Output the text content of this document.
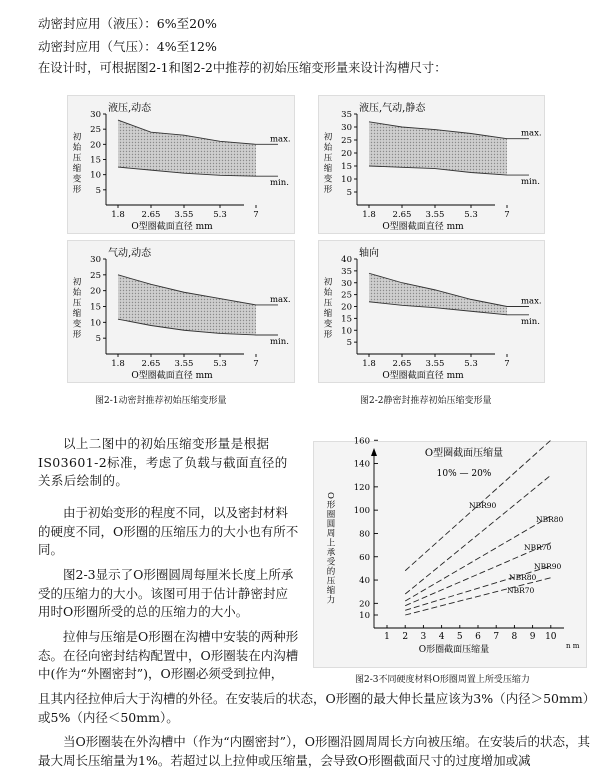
动密封应用（液压）：6%至20%
动密封应用（气压）：4%至12%
在设计时，可根据图2-1和图2-2中推荐的初始压缩变形量来设计沟槽尺寸：
液压,动态
5
10
15
20
25
30
1.8 2.65 3.55 5.3	7
O型圈截面直径 mm
初始压缩变形	max.
min.
液压,气动,静态
5
10
15
20
25
30
35
1.8 2.65 3.55 5.3	7
O型圈截面直径 mm
初始压缩变形	max.
min.
气动,动态
5
10
15
20
25
30
1.8 2.65 3.55 5.3	7
O型圈截面直径 mm
初始压缩变形	max.
min.
轴向
5
10
15
20
25
30
35
40
1.8 2.65 3.55 5.3	7
O型圈截面直径 mm
初始压缩变形	max.
min.
图2-1动密封推荐初始压缩变形量	图2-2静密封推荐初始压缩变形量
以上二图中的初始压缩变形量是根据IS03601-2标准，考虑了负载与截面直径的关系后绘制的。
由于初始变形的程度不同，以及密封材料的硬度不同，O形圈的压缩压力的大小也有所不同。
图2-3显示了O形圈圆周每厘米长度上所承受的压缩力的大小。该图可用于估计静密封应用时O形圈所受的总的压缩力的大小。
拉伸与压缩是O形圈在沟槽中安装的两种形态。在径向密封结构配置中，O形圈装在内沟槽中(作为“外圈密封”)，O形圈必须受到拉伸，
当O形圈装在外沟槽中（作为“内圈密封”），O形圈沿圆周周长方向被压缩。在安装后的状态，其最大周长压缩量为1%。若超过以上拉伸或压缩量，会导致O形圈截面尺寸的过度增加或减
O型圈截面压缩量
10% — 20%
10
20
40
60
80
100
120
140
160
1 2 3 4 5 6 7 8 9 10
n m
O形圈截面压缩量
O形圈圆周上承受的压缩力	NBR90
NBR80
NBR70
NBR90
NBR80
NBR70
图2-3不同硬度材料O形圈周置上所受压缩力
且其内径拉伸后大于沟槽的外径。在安装后的状态，O形圈的最大伸长量应该为3%（内径＞50mm）或5%（内径＜50mm）。
